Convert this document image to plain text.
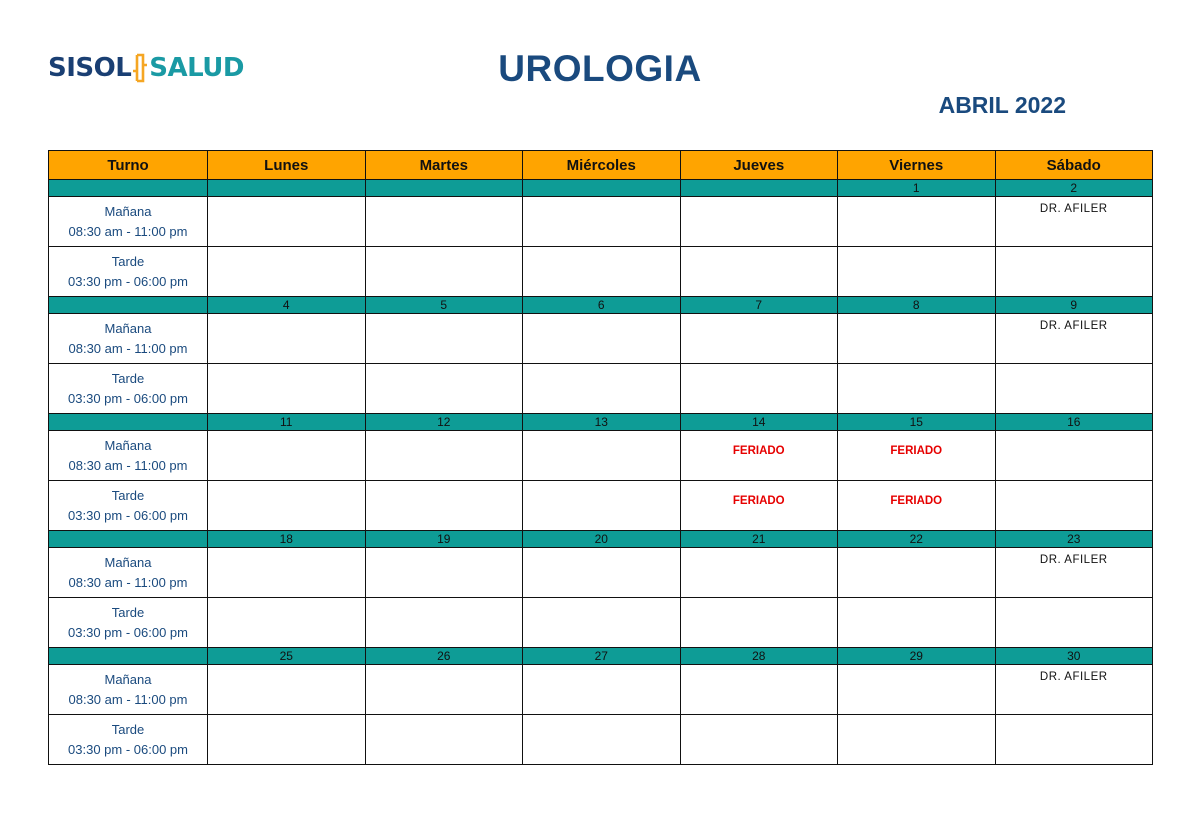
SISOL SALUD	UROLOGIA
ABRIL 2022
Turno	Lunes	Martes	Miércoles	Jueves	Viernes	Sábado
					1	2

Mañana
08:30 am - 11:00 pm						DR. AFILER

Tarde
03:30 pm - 06:00 pm						

	4	5	6	7	8	9

Mañana
08:30 am - 11:00 pm						DR. AFILER

Tarde
03:30 pm - 06:00 pm						

	11	12	13	14	15	16

Mañana
08:30 am - 11:00 pm				FERIADO	FERIADO	

Tarde
03:30 pm - 06:00 pm				FERIADO	FERIADO	

	18	19	20	21	22	23

Mañana
08:30 am - 11:00 pm						DR. AFILER

Tarde
03:30 pm - 06:00 pm						

	25	26	27	28	29	30

Mañana
08:30 am - 11:00 pm						DR. AFILER

Tarde
03:30 pm - 06:00 pm						
